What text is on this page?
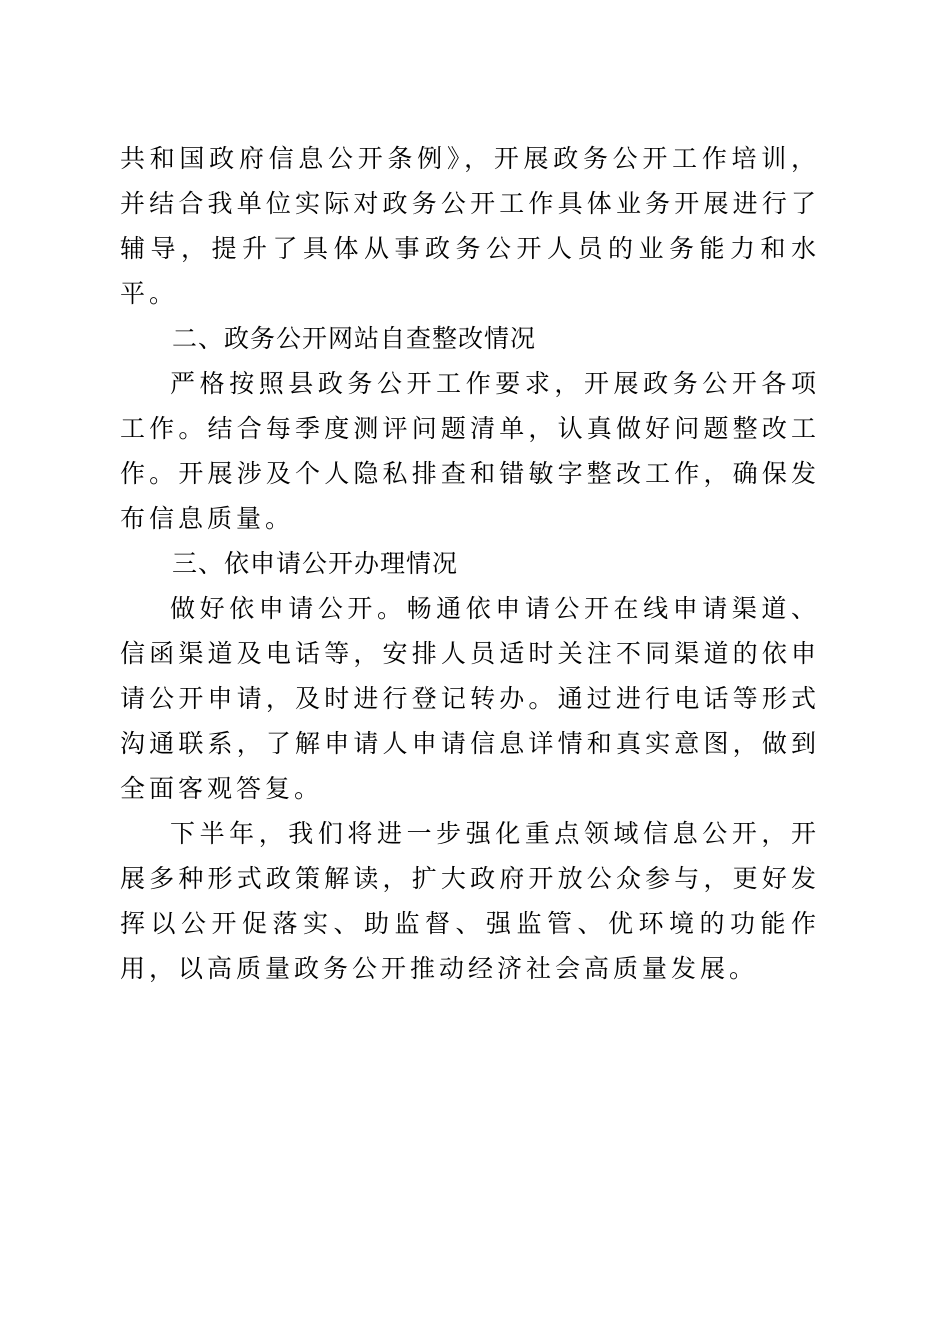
共和国政府信息公开条例》，开展政务公开工作培训，并结合我单位实际对政务公开工作具体业务开展进行了辅导，提升了具体从事政务公开人员的业务能力和水平。

二、政务公开网站自查整改情况

严格按照县政务公开工作要求，开展政务公开各项工作。结合每季度测评问题清单，认真做好问题整改工作。开展涉及个人隐私排查和错敏字整改工作，确保发布信息质量。

三、依申请公开办理情况

做好依申请公开。畅通依申请公开在线申请渠道、信函渠道及电话等，安排人员适时关注不同渠道的依申请公开申请，及时进行登记转办。通过进行电话等形式沟通联系，了解申请人申请信息详情和真实意图，做到全面客观答复。

下半年，我们将进一步强化重点领域信息公开，开展多种形式政策解读，扩大政府开放公众参与，更好发挥以公开促落实、助监督、强监管、优环境的功能作用，以高质量政务公开推动经济社会高质量发展。
